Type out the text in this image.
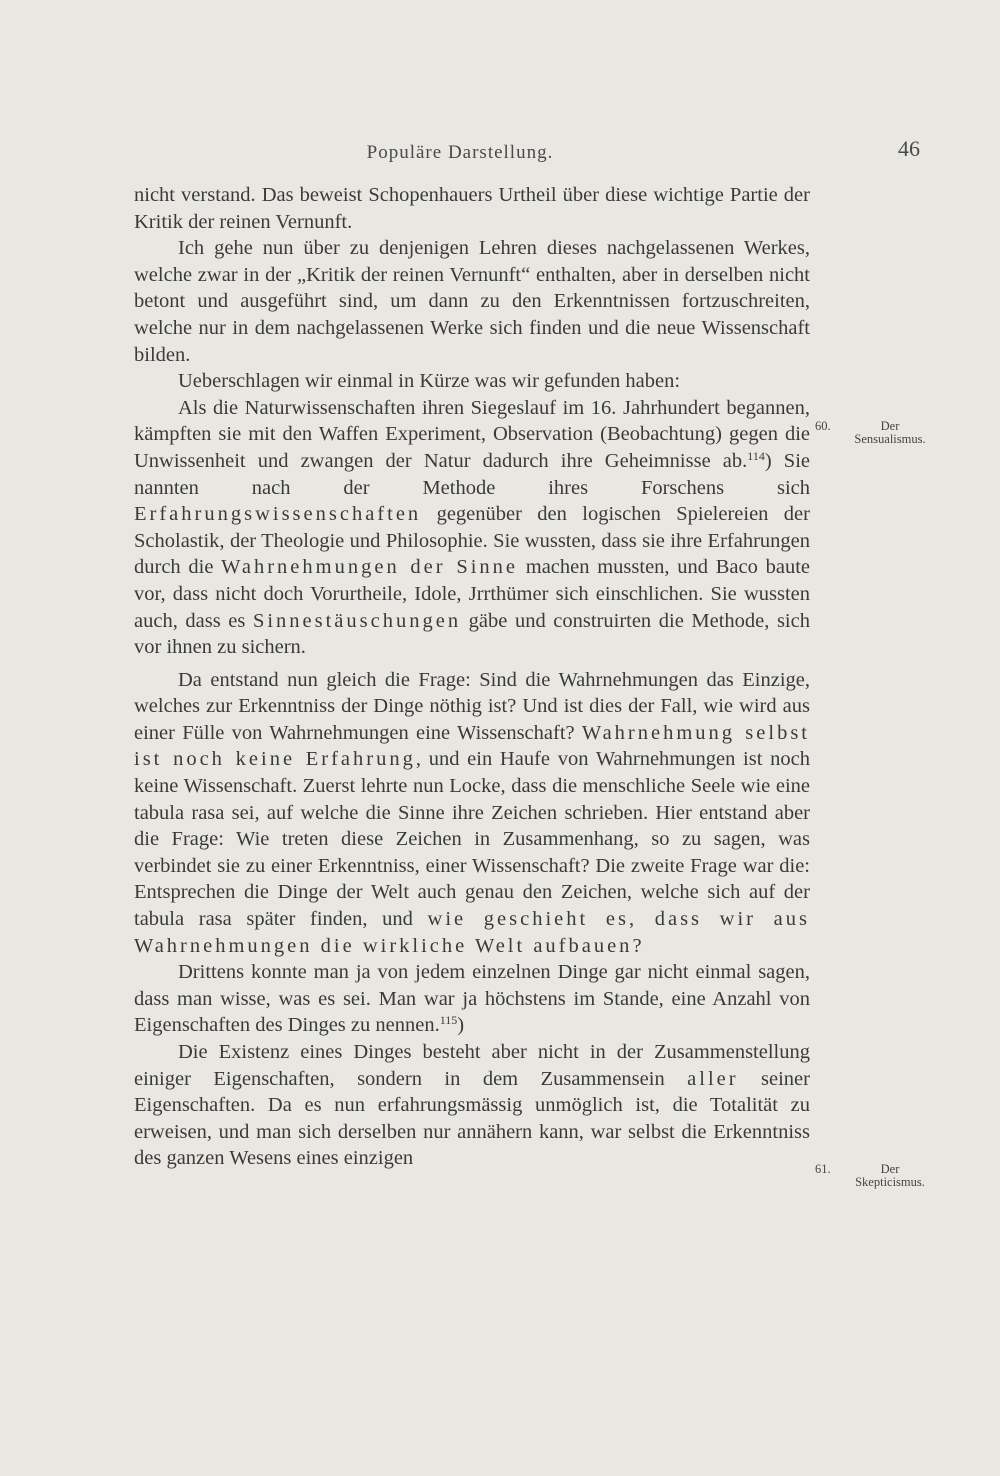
Populäre Darstellung.	46

nicht verstand. Das beweist Schopenhauers Urtheil über diese wichtige Partie der Kritik der reinen Vernunft.

Ich gehe nun über zu denjenigen Lehren dieses nachgelassenen Werkes, welche zwar in der „Kritik der reinen Vernunft“ enthalten, aber in derselben nicht betont und ausgeführt sind, um dann zu den Erkenntnissen fortzuschreiten, welche nur in dem nachgelassenen Werke sich finden und die neue Wissenschaft bilden.

Ueberschlagen wir einmal in Kürze was wir gefunden haben:

Als die Naturwissenschaften ihren Siegeslauf im 16. Jahrhundert begannen, kämpften sie mit den Waffen Experiment, Observation (Beobachtung) gegen die Unwissenheit und zwangen der Natur dadurch ihre Geheimnisse ab.$^{114}$) Sie nannten nach der Methode ihres Forschens sich Erfahrungswissenschaften gegenüber den logischen Spielereien der Scholastik, der Theologie und Philosophie. Sie wussten, dass sie ihre Erfahrungen durch die Wahrnehmungen der Sinne machen mussten, und Baco baute vor, dass nicht doch Vorurtheile, Idole, Jrrthümer sich einschlichen. Sie wussten auch, dass es Sinnestäuschungen gäbe und construirten die Methode, sich vor ihnen zu sichern.

Da entstand nun gleich die Frage: Sind die Wahrnehmungen das Einzige, welches zur Erkenntniss der Dinge nöthig ist? Und ist dies der Fall, wie wird aus einer Fülle von Wahrnehmungen eine Wissenschaft? Wahrnehmung selbst ist noch keine Erfahrung, und ein Haufe von Wahrnehmungen ist noch keine Wissenschaft. Zuerst lehrte nun Locke, dass die menschliche Seele wie eine tabula rasa sei, auf welche die Sinne ihre Zeichen schrieben. Hier entstand aber die Frage: Wie treten diese Zeichen in Zusammenhang, so zu sagen, was verbindet sie zu einer Erkenntniss, einer Wissenschaft? Die zweite Frage war die: Entsprechen die Dinge der Welt auch genau den Zeichen, welche sich auf der tabula rasa später finden, und wie geschieht es, dass wir aus Wahrnehmungen die wirkliche Welt aufbauen?

Drittens konnte man ja von jedem einzelnen Dinge gar nicht einmal sagen, dass man wisse, was es sei. Man war ja höchstens im Stande, eine Anzahl von Eigenschaften des Dinges zu nennen.$^{115}$)

Die Existenz eines Dinges besteht aber nicht in der Zusammenstellung einiger Eigenschaften, sondern in dem Zusammensein aller seiner Eigenschaften. Da es nun erfahrungsmässig unmöglich ist, die Totalität zu erweisen, und man sich derselben nur annähern kann, war selbst die Erkenntniss des ganzen Wesens eines einzigen

60.	Der Sensualismus.
61.	Der Skepticismus.
